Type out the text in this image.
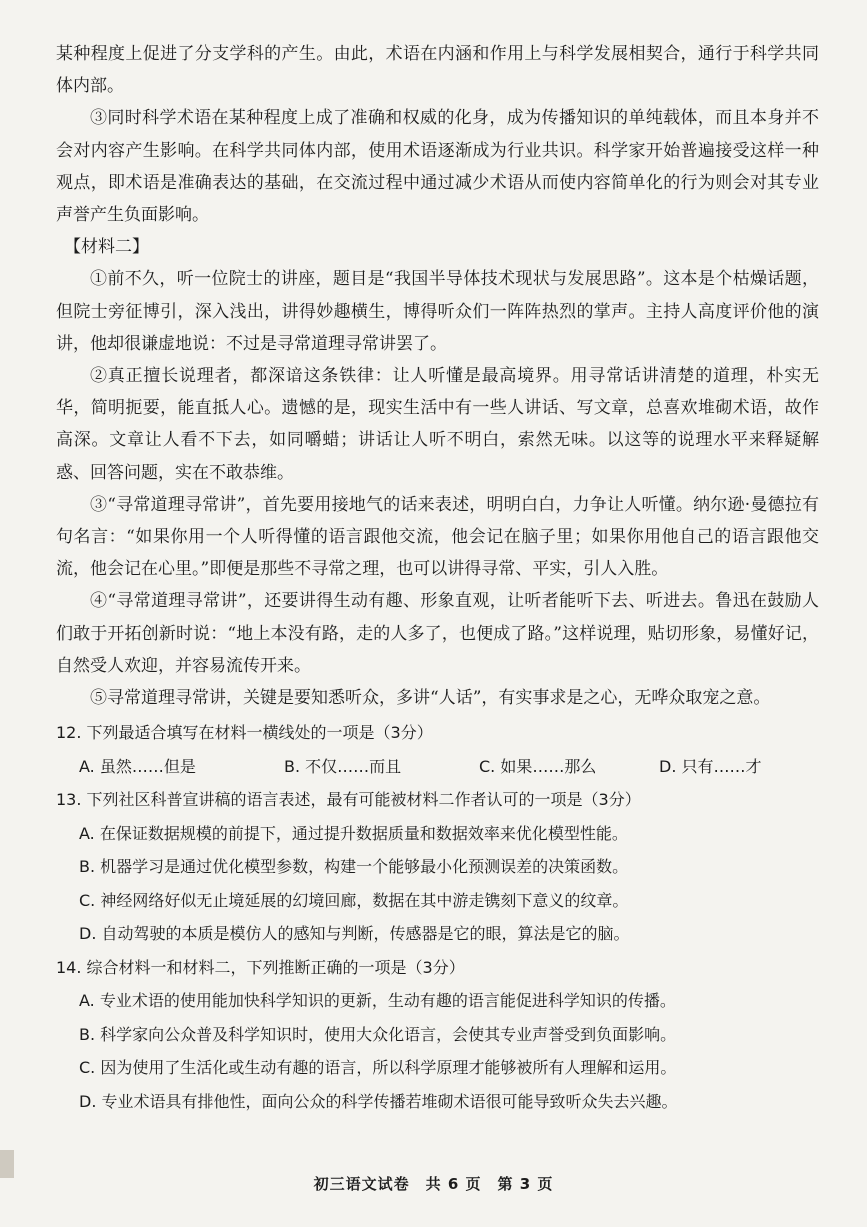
某种程度上促进了分支学科的产生。由此，术语在内涵和作用上与科学发展相契合，通行于科学共同体内部。

③同时科学术语在某种程度上成了准确和权威的化身，成为传播知识的单纯载体，而且本身并不会对内容产生影响。在科学共同体内部，使用术语逐渐成为行业共识。科学家开始普遍接受这样一种观点，即术语是准确表达的基础，在交流过程中通过减少术语从而使内容简单化的行为则会对其专业声誉产生负面影响。

【材料二】

①前不久，听一位院士的讲座，题目是“我国半导体技术现状与发展思路”。这本是个枯燥话题，但院士旁征博引，深入浅出，讲得妙趣横生，博得听众们一阵阵热烈的掌声。主持人高度评价他的演讲，他却很谦虚地说：不过是寻常道理寻常讲罢了。

②真正擅长说理者，都深谙这条铁律：让人听懂是最高境界。用寻常话讲清楚的道理，朴实无华，简明扼要，能直抵人心。遗憾的是，现实生活中有一些人讲话、写文章，总喜欢堆砌术语，故作高深。文章让人看不下去，如同嚼蜡；讲话让人听不明白，索然无味。以这等的说理水平来释疑解惑、回答问题，实在不敢恭维。

③“寻常道理寻常讲”，首先要用接地气的话来表述，明明白白，力争让人听懂。纳尔逊·曼德拉有句名言：“如果你用一个人听得懂的语言跟他交流，他会记在脑子里；如果你用他自己的语言跟他交流，他会记在心里。”即便是那些不寻常之理，也可以讲得寻常、平实，引人入胜。

④“寻常道理寻常讲”，还要讲得生动有趣、形象直观，让听者能听下去、听进去。鲁迅在鼓励人们敢于开拓创新时说：“地上本没有路，走的人多了，也便成了路。”这样说理，贴切形象，易懂好记，自然受人欢迎，并容易流传开来。

⑤寻常道理寻常讲，关键是要知悉听众，多讲“人话”，有实事求是之心，无哗众取宠之意。

12. 下列最适合填写在材料一横线处的一项是（3分）

A. 虽然……但是	B. 不仅……而且	C. 如果……那么	D. 只有……才

13. 下列社区科普宣讲稿的语言表述，最有可能被材料二作者认可的一项是（3分）

A. 在保证数据规模的前提下，通过提升数据质量和数据效率来优化模型性能。

B. 机器学习是通过优化模型参数，构建一个能够最小化预测误差的决策函数。

C. 神经网络好似无止境延展的幻境回廊，数据在其中游走镌刻下意义的纹章。

D. 自动驾驶的本质是模仿人的感知与判断，传感器是它的眼，算法是它的脑。

14. 综合材料一和材料二，下列推断正确的一项是（3分）

A. 专业术语的使用能加快科学知识的更新，生动有趣的语言能促进科学知识的传播。

B. 科学家向公众普及科学知识时，使用大众化语言，会使其专业声誉受到负面影响。

C. 因为使用了生活化或生动有趣的语言，所以科学原理才能够被所有人理解和运用。

D. 专业术语具有排他性，面向公众的科学传播若堆砌术语很可能导致听众失去兴趣。

初三语文试卷　共 6 页　第 3 页
